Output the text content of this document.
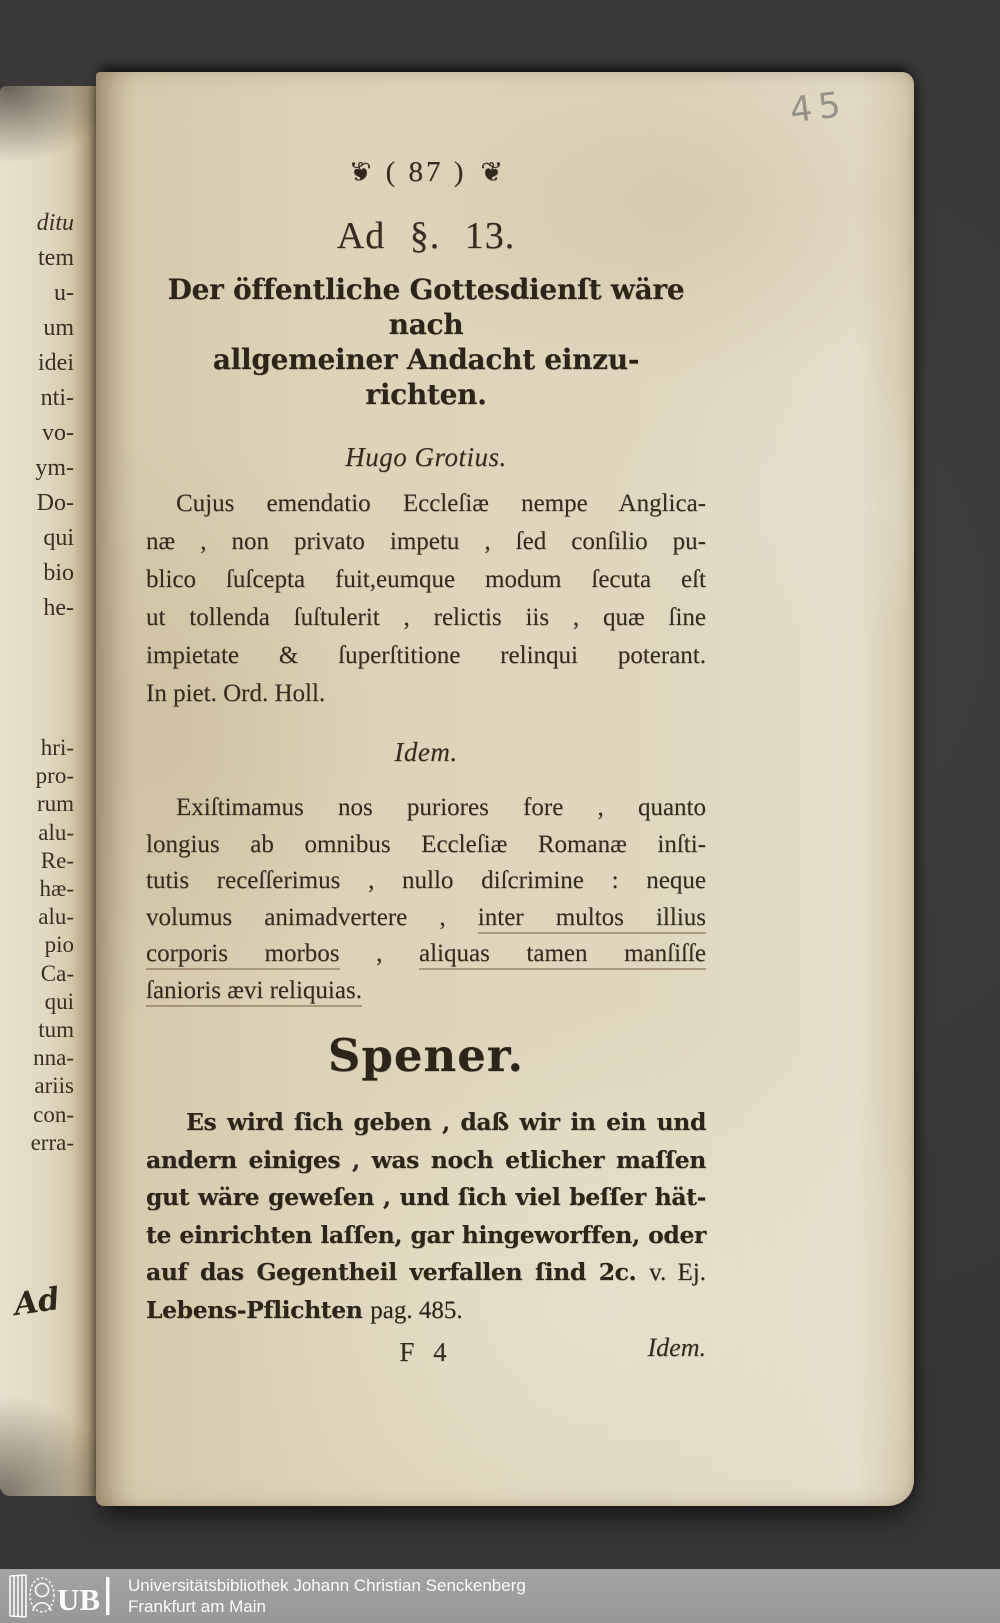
ditu
tem
u-
um
idei
nti-
vo-
ym-
Do-
qui
bio
he-
hri-
pro-
rum
alu-
Re-
hæ-
alu-
pio
Ca-
qui
tum
nna-
ariis
con-
erra-
Ad
45
❦ ( 87 ) ❦
Ad §. 13.
Der öffentliche Gottesdienſt wäre nach
allgemeiner Andacht einzu-
richten.
Hugo Grotius.
Cujus emendatio Eccleſiæ nempe Anglica-
næ , non privato impetu , ſed conſilio pu-
blico ſuſcepta fuit,eumque modum ſecuta eſt
ut tollenda ſuſtulerit , relictis iis , quæ ſine
impietate & ſuperſtitione relinqui poterant.
In piet. Ord. Holl.
Idem.
Exiſtimamus nos puriores fore , quanto
longius ab omnibus Eccleſiæ Romanæ inſti-
tutis receſſerimus , nullo diſcrimine : neque
volumus animadvertere , inter multos illius
corporis morbos , aliquas tamen manſiſſe
ſanioris ævi reliquias.
Spener.
Es wird ſich geben , daß wir in ein und
andern einiges , was noch etlicher maſſen
gut wäre geweſen , und ſich viel beſſer hät-
te einrichten laſſen, gar hingeworffen, oder
auf das Gegentheil verfallen ſind 2c. v. Ej.
Lebens-Pflichten pag. 485.
F 4	Idem.
UB Universitätsbibliothek Johann Christian Senckenberg
Frankfurt am Main
